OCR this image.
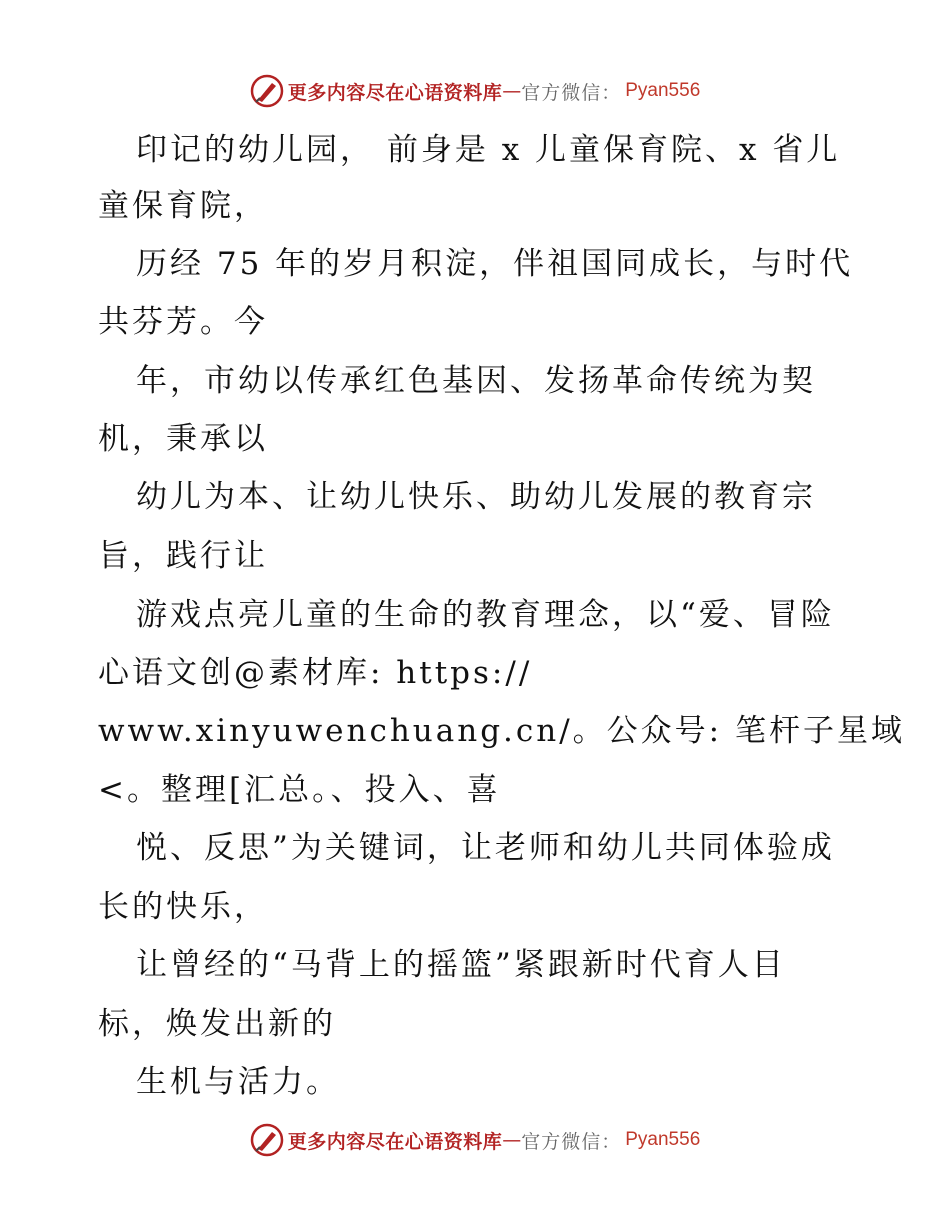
更多内容尽在心语资料库 — 官方微信： Pyan556
印记的幼儿园， 前身是 x 儿童保育院、x 省儿
童保育院，
历经 75 年的岁月积淀，伴祖国同成长，与时代
共芬芳。今
年，市幼以传承红色基因、发扬革命传统为契
机，秉承以
幼儿为本、让幼儿快乐、助幼儿发展的教育宗
旨，践行让
游戏点亮儿童的生命的教育理念，以“爱、冒险
心语文创@素材库: https://
www.xinyuwenchuang.cn/。公众号: 笔杆子星域
<。整理[汇总。、投入、喜
悦、反思”为关键词，让老师和幼儿共同体验成
长的快乐，
让曾经的“马背上的摇篮”紧跟新时代育人目
标，焕发出新的
生机与活力。
更多内容尽在心语资料库 — 官方微信： Pyan556
